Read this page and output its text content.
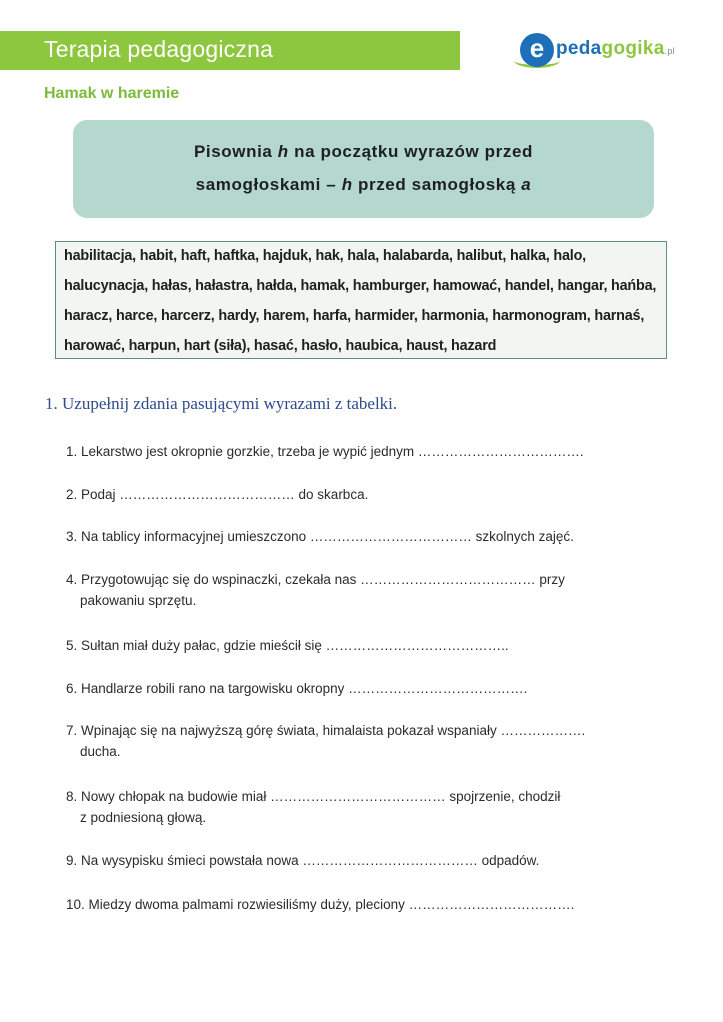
Terapia pedagogiczna	e pedagogika.pl
Hamak w haremie
Pisownia h na początku wyrazów przed
samogłoskami – h przed samogłoską a
habilitacja, habit, haft, haftka, hajduk, hak, hala, halabarda, halibut, halka, halo,
halucynacja, hałas, hałastra, hałda, hamak, hamburger, hamować, handel, hangar, hańba,
haracz, harce, harcerz, hardy, harem, harfa, harmider, harmonia, harmonogram, harnaś,
harować, harpun, hart (siła), hasać, hasło, haubica, haust, hazard
1. Uzupełnij zdania pasującymi wyrazami z tabelki.
1. Lekarstwo jest okropnie gorzkie, trzeba je wypić jednym ……………………………….
2. Podaj ………………………………… do skarbca.
3. Na tablicy informacyjnej umieszczono ……………………………… szkolnych zajęć.
4. Przygotowując się do wspinaczki, czekała nas ………………………………… przy
pakowaniu sprzętu.
5. Sułtan miał duży pałac, gdzie mieścił się …………………………………..
6. Handlarze robili rano na targowisku okropny ………………………………….
7. Wpinając się na najwyższą górę świata, himalaista pokazał wspaniały ……………….
ducha.
8. Nowy chłopak na budowie miał ………………………………… spojrzenie, chodził
z podniesioną głową.
9. Na wysypisku śmieci powstała nowa ………………………………… odpadów.
10. Miedzy dwoma palmami rozwiesiliśmy duży, pleciony ……………………………….
